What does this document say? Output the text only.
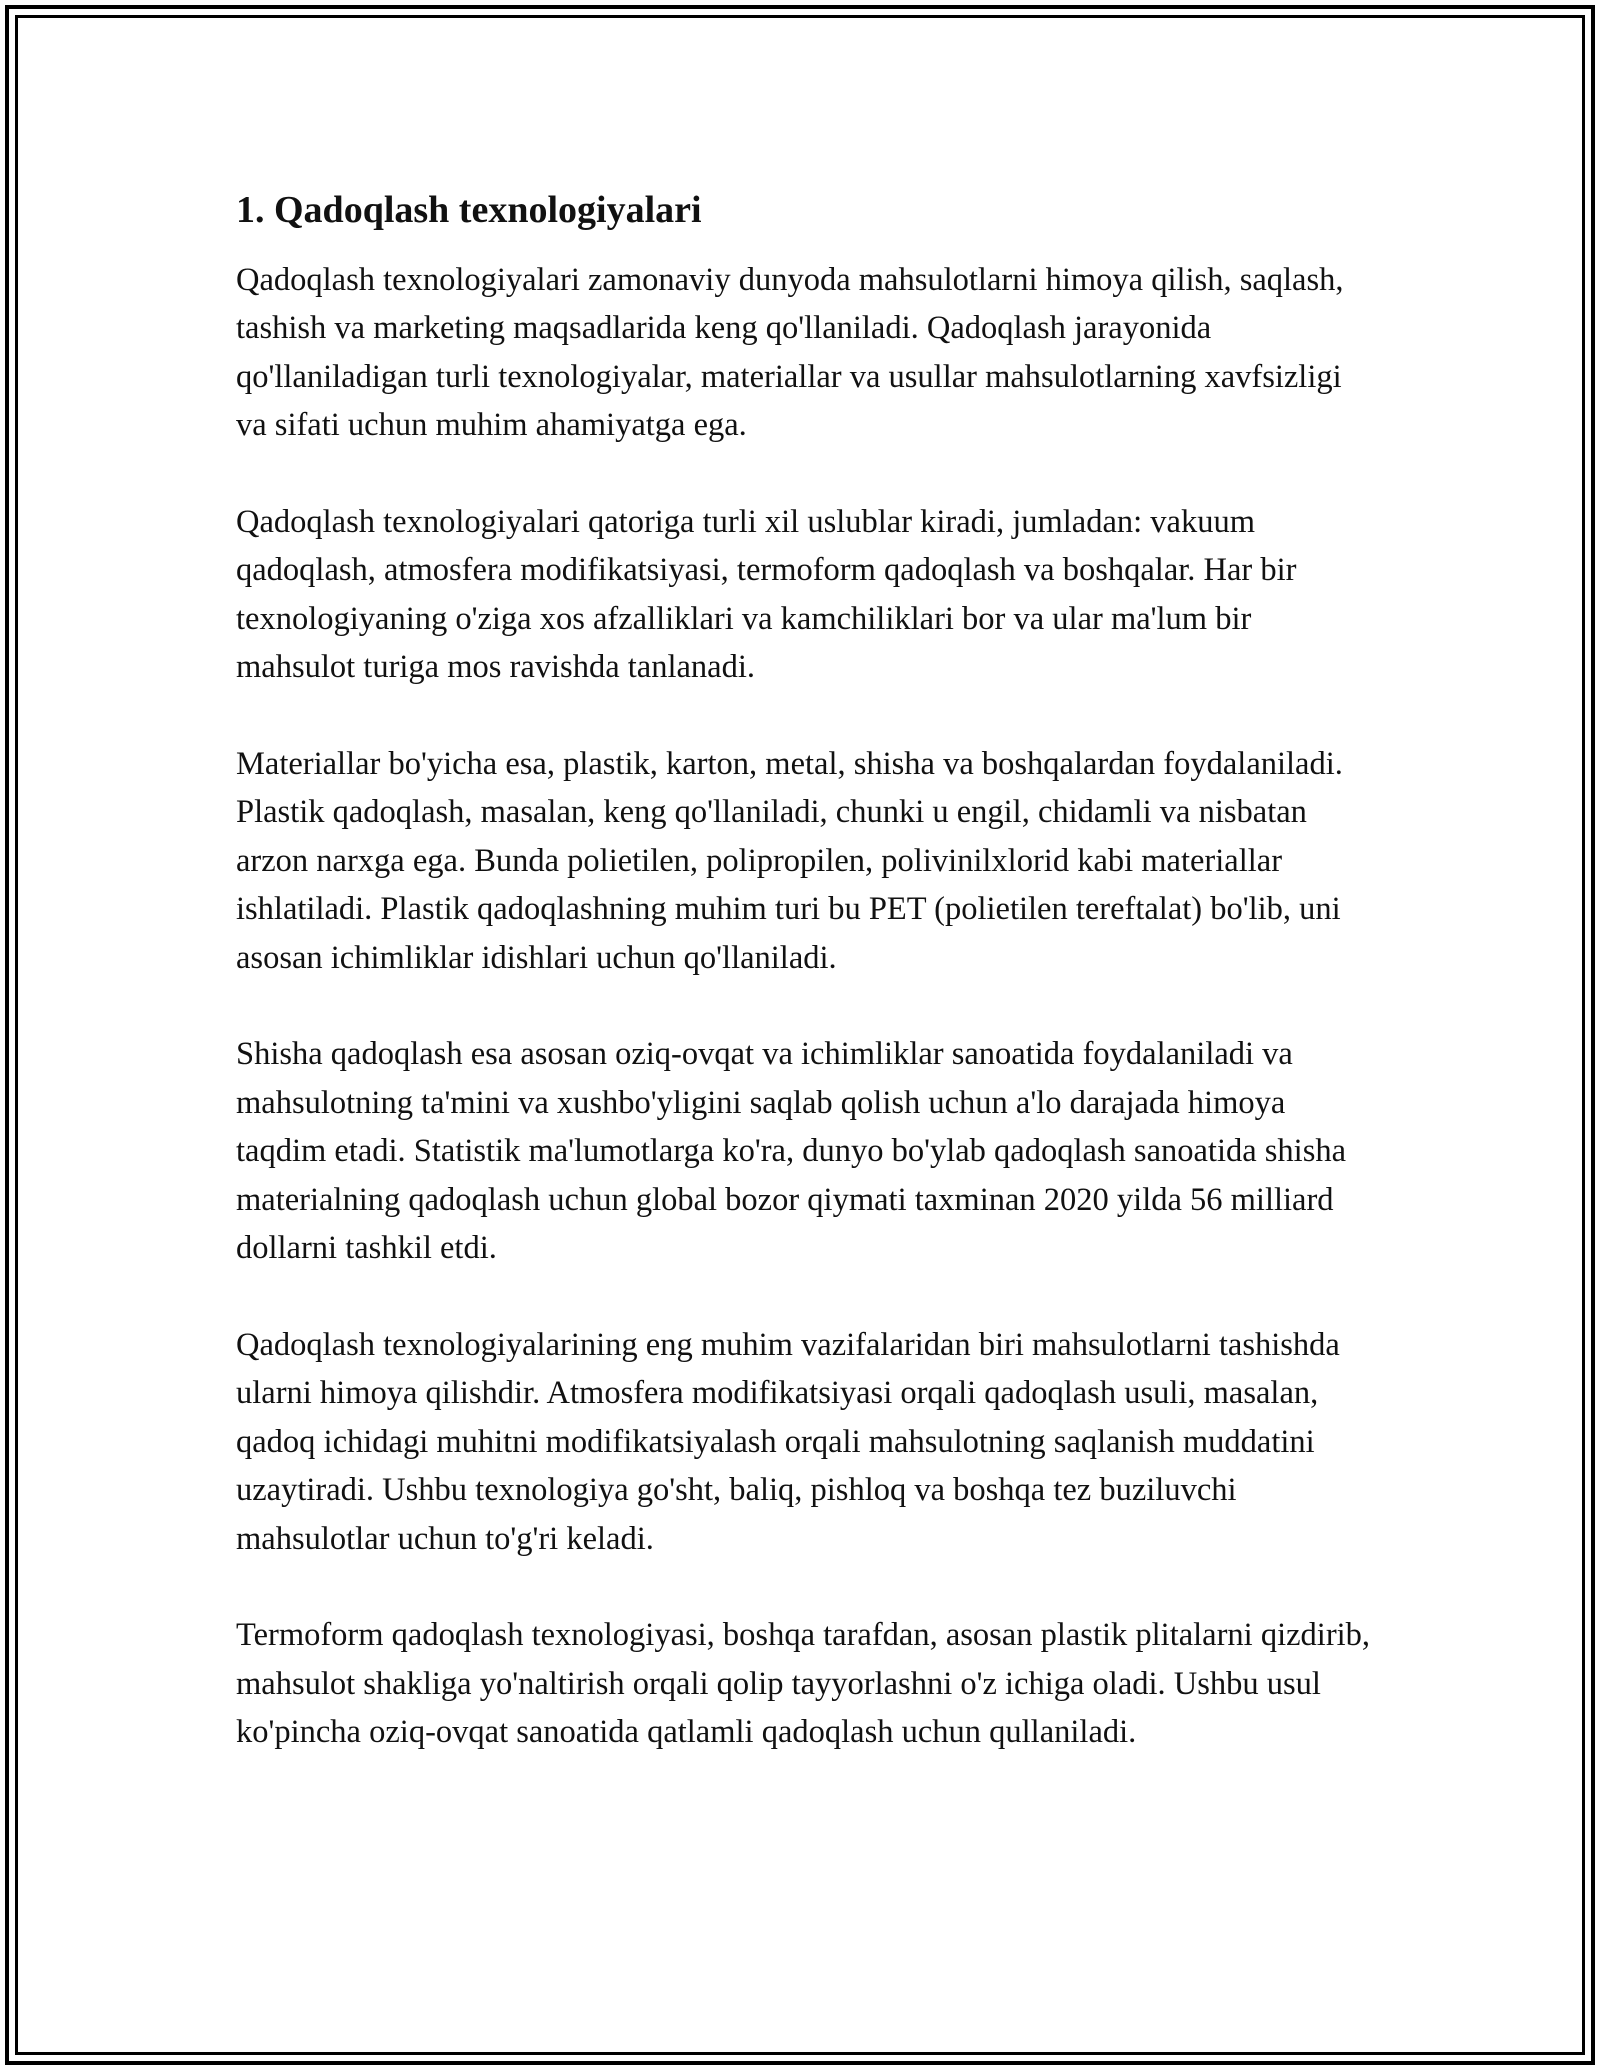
1. Qadoqlash texnologiyalari

Qadoqlash texnologiyalari zamonaviy dunyoda mahsulotlarni himoya qilish, saqlash, tashish va marketing maqsadlarida keng qo'llaniladi. Qadoqlash jarayonida qo'llaniladigan turli texnologiyalar, materiallar va usullar mahsulotlarning xavfsizligi va sifati uchun muhim ahamiyatga ega.

Qadoqlash texnologiyalari qatoriga turli xil uslublar kiradi, jumladan: vakuum qadoqlash, atmosfera modifikatsiyasi, termoform qadoqlash va boshqalar. Har bir texnologiyaning o'ziga xos afzalliklari va kamchiliklari bor va ular ma'lum bir mahsulot turiga mos ravishda tanlanadi.

Materiallar bo'yicha esa, plastik, karton, metal, shisha va boshqalardan foydalaniladi. Plastik qadoqlash, masalan, keng qo'llaniladi, chunki u engil, chidamli va nisbatan arzon narxga ega. Bunda polietilen, polipropilen, polivinilxlorid kabi materiallar ishlatiladi. Plastik qadoqlashning muhim turi bu PET (polietilen tereftalat) bo'lib, uni asosan ichimliklar idishlari uchun qo'llaniladi.

Shisha qadoqlash esa asosan oziq-ovqat va ichimliklar sanoatida foydalaniladi va mahsulotning ta'mini va xushbo'yligini saqlab qolish uchun a'lo darajada himoya taqdim etadi. Statistik ma'lumotlarga ko'ra, dunyo bo'ylab qadoqlash sanoatida shisha materialning qadoqlash uchun global bozor qiymati taxminan 2020 yilda 56 milliard dollarni tashkil etdi.

Qadoqlash texnologiyalarining eng muhim vazifalaridan biri mahsulotlarni tashishda ularni himoya qilishdir. Atmosfera modifikatsiyasi orqali qadoqlash usuli, masalan, qadoq ichidagi muhitni modifikatsiyalash orqali mahsulotning saqlanish muddatini uzaytiradi. Ushbu texnologiya go'sht, baliq, pishloq va boshqa tez buziluvchi mahsulotlar uchun to'g'ri keladi.

Termoform qadoqlash texnologiyasi, boshqa tarafdan, asosan plastik plitalarni qizdirib, mahsulot shakliga yo'naltirish orqali qolip tayyorlashni o'z ichiga oladi. Ushbu usul ko'pincha oziq-ovqat sanoatida qatlamli qadoqlash uchun qullaniladi.
